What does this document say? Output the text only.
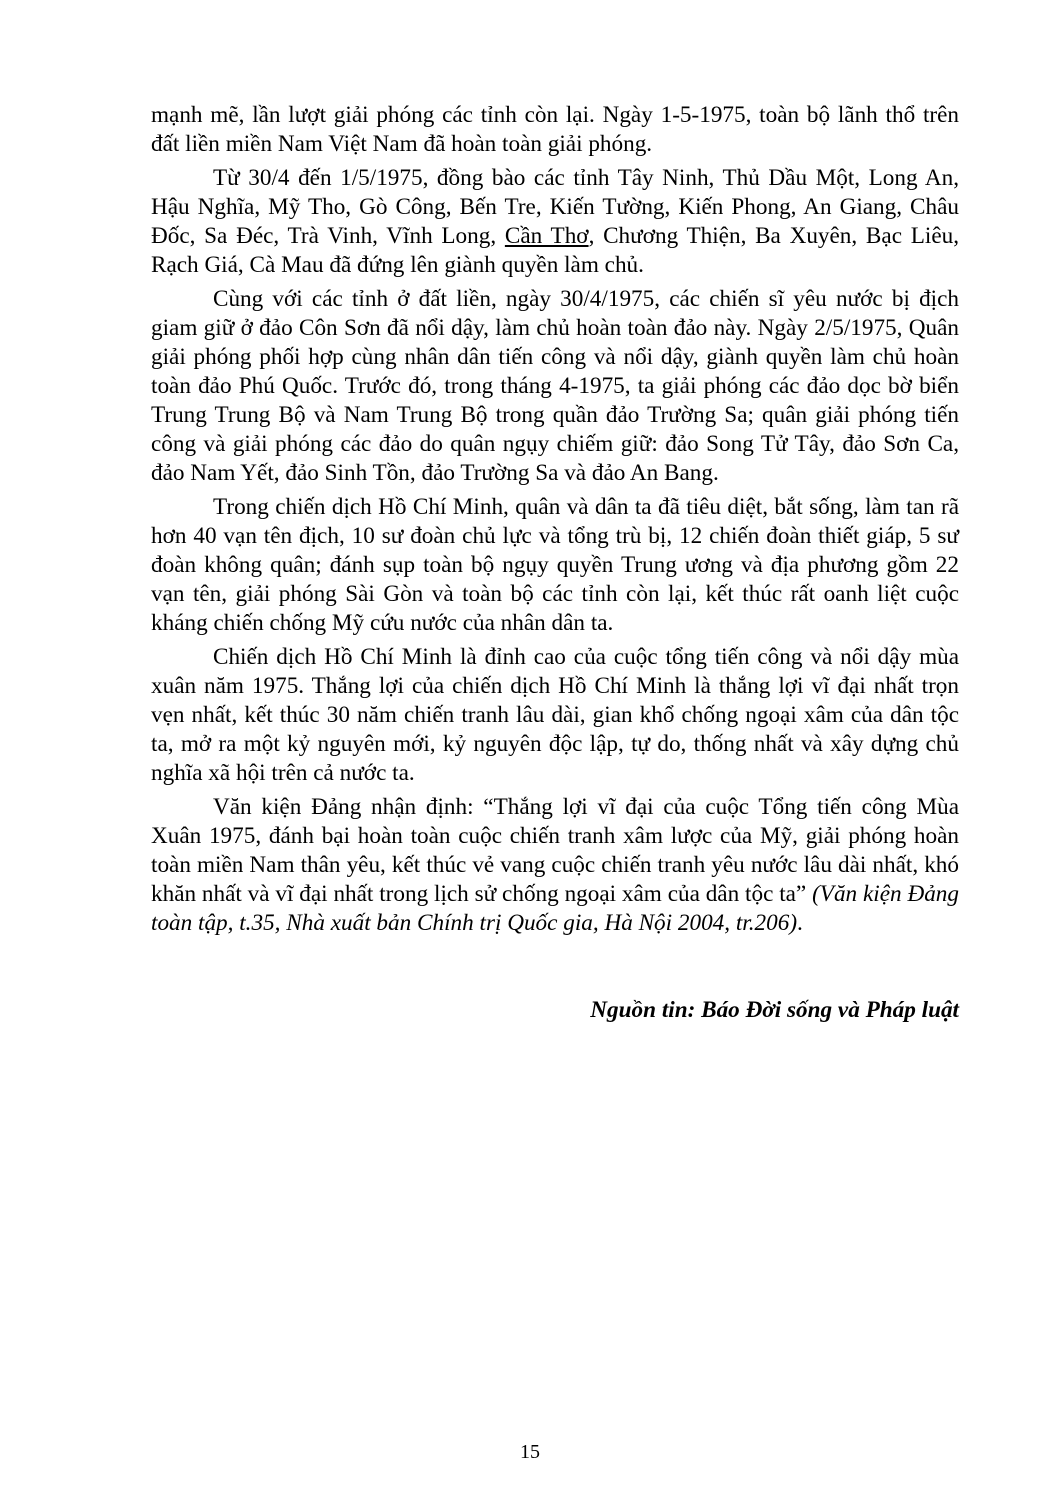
mạnh mẽ, lần lượt giải phóng các tỉnh còn lại. Ngày 1-5-1975, toàn bộ lãnh thổ trên đất liền miền Nam Việt Nam đã hoàn toàn giải phóng.

Từ 30/4 đến 1/5/1975, đồng bào các tỉnh Tây Ninh, Thủ Dầu Một, Long An, Hậu Nghĩa, Mỹ Tho, Gò Công, Bến Tre, Kiến Tường, Kiến Phong, An Giang, Châu Đốc, Sa Đéc, Trà Vinh, Vĩnh Long, Cần Thơ, Chương Thiện, Ba Xuyên, Bạc Liêu, Rạch Giá, Cà Mau đã đứng lên giành quyền làm chủ.

Cùng với các tỉnh ở đất liền, ngày 30/4/1975, các chiến sĩ yêu nước bị địch giam giữ ở đảo Côn Sơn đã nổi dậy, làm chủ hoàn toàn đảo này. Ngày 2/5/1975, Quân giải phóng phối hợp cùng nhân dân tiến công và nổi dậy, giành quyền làm chủ hoàn toàn đảo Phú Quốc. Trước đó, trong tháng 4-1975, ta giải phóng các đảo dọc bờ biển Trung Trung Bộ và Nam Trung Bộ trong quần đảo Trường Sa; quân giải phóng tiến công và giải phóng các đảo do quân ngụy chiếm giữ: đảo Song Tử Tây, đảo Sơn Ca, đảo Nam Yết, đảo Sinh Tồn, đảo Trường Sa và đảo An Bang.

Trong chiến dịch Hồ Chí Minh, quân và dân ta đã tiêu diệt, bắt sống, làm tan rã hơn 40 vạn tên địch, 10 sư đoàn chủ lực và tổng trù bị, 12 chiến đoàn thiết giáp, 5 sư đoàn không quân; đánh sụp toàn bộ ngụy quyền Trung ương và địa phương gồm 22 vạn tên, giải phóng Sài Gòn và toàn bộ các tỉnh còn lại, kết thúc rất oanh liệt cuộc kháng chiến chống Mỹ cứu nước của nhân dân ta.

Chiến dịch Hồ Chí Minh là đỉnh cao của cuộc tổng tiến công và nổi dậy mùa xuân năm 1975. Thắng lợi của chiến dịch Hồ Chí Minh là thắng lợi vĩ đại nhất trọn vẹn nhất, kết thúc 30 năm chiến tranh lâu dài, gian khổ chống ngoại xâm của dân tộc ta, mở ra một kỷ nguyên mới, kỷ nguyên độc lập, tự do, thống nhất và xây dựng chủ nghĩa xã hội trên cả nước ta.

Văn kiện Đảng nhận định: “Thắng lợi vĩ đại của cuộc Tổng tiến công Mùa Xuân 1975, đánh bại hoàn toàn cuộc chiến tranh xâm lược của Mỹ, giải phóng hoàn toàn miền Nam thân yêu, kết thúc vẻ vang cuộc chiến tranh yêu nước lâu dài nhất, khó khăn nhất và vĩ đại nhất trong lịch sử chống ngoại xâm của dân tộc ta” (Văn kiện Đảng toàn tập, t.35, Nhà xuất bản Chính trị Quốc gia, Hà Nội 2004, tr.206).

Nguồn tin: Báo Đời sống và Pháp luật
15
